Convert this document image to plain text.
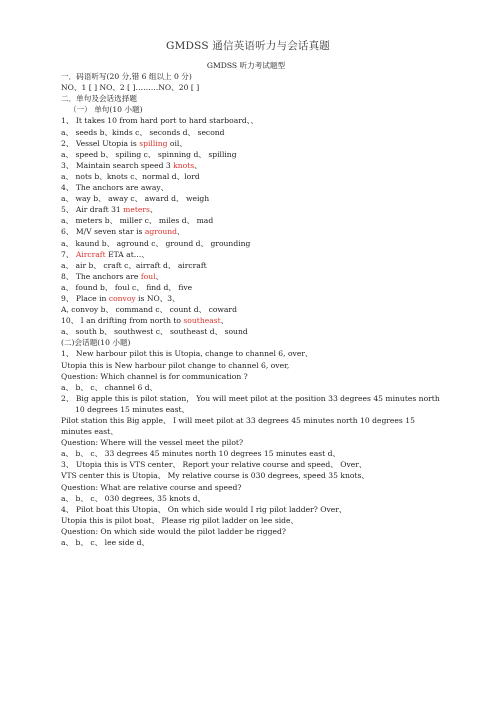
GMDSS 通信英语听力与会话真题
GMDSS 听力考试题型
一．码语听写(20 分,错 6 组以上 0 分)
NO、1 [ ] NO、2 [ ]………NO、20 [ ]
二．单句及会话选择题
（一） 单句(10 小题)
1、 It takes 10 from hard port to hard starboard、、
a、 seeds b、kinds c、 seconds d、 second
2、 Vessel Utopia is spilling oil、
a、 speed b、 spiling c、 spinning d、 spilling
3、 Maintain search speed 3 knots、
a、 nots b、knots c、normal d、lord
4、 The anchors are away、
a、 way b、 away c、 award d、 weigh
5、 Air draft 31 meters、
a、 meters b、 miller c、 miles d、 mad
6、 M/V seven star is aground、
a、 kaund b、 aground c、 ground d、 grounding
7、 Aircraft ETA at…、
a、 air b、 craft c、airraft d、 aircraft
8、 The anchors are foul、
a、 found b、 foul c、 find d、 five
9、 Place in convoy is NO、3、
A, convoy b、 command c、 count d、 coward
10、 I an drifting from north to southeast、
a、 south b、 southwest c、 southeast d、 sound
(二)会话题(10 小题)
1、 New harbour pilot this is Utopia, change to channel 6, over、
Utopia this is New harbour pilot change to channel 6, over,
Question: Which channel is for communication ?
a、 b、 c、 channel 6 d、
2、 Big apple this is pilot station， You will meet pilot at the position 33 degrees 45 minutes north
10 degrees 15 minutes east、
Pilot station this Big apple、 I will meet pilot at 33 degrees 45 minutes north 10 degrees 15
minutes east、
Question: Where will the vessel meet the pilot?
a、 b、 c、 33 degrees 45 minutes north 10 degrees 15 minutes east d、
3、 Utopia this is VTS center、 Report your relative course and speed、 Over、
VTS center this is Utopia、 My relative course is 030 degrees, speed 35 knots、
Question: What are relative course and speed?
a、 b、 c、 030 degrees, 35 knots d、
4、 Pilot boat this Utopia、 On which side would I rig pilot ladder? Over、
Utopia this is pilot boat、 Please rig pilot ladder on lee side、
Question: On which side would the pilot ladder be rigged?
a、 b、 c、 lee side d、
